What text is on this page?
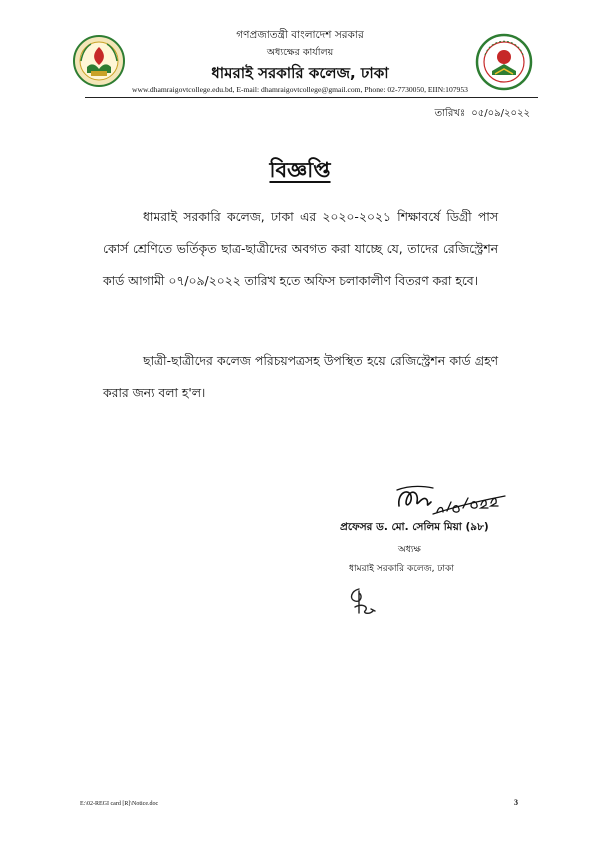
গণপ্রজাতন্ত্রী বাংলাদেশ সরকার
অধ্যক্ষের কার্যালয়
ধামরাই সরকারি কলেজ, ঢাকা
www.dhamraigovtcollege.edu.bd, E-mail: dhamraigovtcollege@gmail.com, Phone: 02-7730050, EIIN:107953
তারিখঃ ০৫/০৯/২০২২
বিজ্ঞপ্তি

ধামরাই সরকারি কলেজ, ঢাকা এর ২০২০-২০২১ শিক্ষাবর্ষে ডিগ্রী পাস কোর্স শ্রেণিতে ভর্তিকৃত ছাত্র-ছাত্রীদের অবগত করা যাচ্ছে যে, তাদের রেজিস্ট্রেশন কার্ড আগামী ০৭/০৯/২০২২ তারিখ হতে অফিস চলাকালীণ বিতরণ করা হবে।

ছাত্রী-ছাত্রীদের কলেজ পরিচয়পত্রসহ উপস্থিত হয়ে রেজিস্ট্রেশন কার্ড গ্রহণ করার জন্য বলা হ'ল।

প্রফেসর ড. মো. সেলিম মিয়া (৯৮)
অধ্যক্ষ
ধামরাই সরকারি কলেজ, ঢাকা
E:\02-REGI card [R]\Notice.doc	3
